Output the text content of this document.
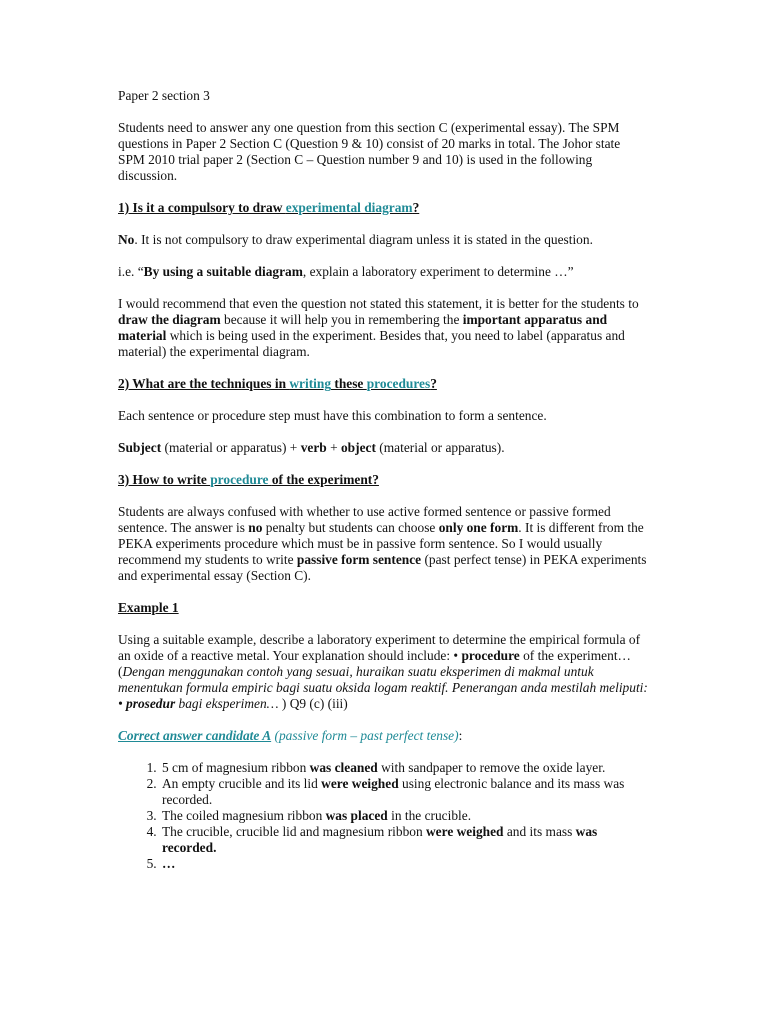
Paper 2 section 3

Students need to answer any one question from this section C (experimental essay). The SPM questions in Paper 2 Section C (Question 9 & 10) consist of 20 marks in total. The Johor state SPM 2010 trial paper 2 (Section C – Question number 9 and 10) is used in the following discussion.

1) Is it a compulsory to draw experimental diagram?

No. It is not compulsory to draw experimental diagram unless it is stated in the question.

i.e. “By using a suitable diagram, explain a laboratory experiment to determine …”

I would recommend that even the question not stated this statement, it is better for the students to draw the diagram because it will help you in remembering the important apparatus and material which is being used in the experiment. Besides that, you need to label (apparatus and material) the experimental diagram.

2) What are the techniques in writing these procedures?

Each sentence or procedure step must have this combination to form a sentence.

Subject (material or apparatus) + verb + object (material or apparatus).

3) How to write procedure of the experiment?

Students are always confused with whether to use active formed sentence or passive formed sentence. The answer is no penalty but students can choose only one form. It is different from the PEKA experiments procedure which must be in passive form sentence. So I would usually recommend my students to write passive form sentence (past perfect tense) in PEKA experiments and experimental essay (Section C).

Example 1

Using a suitable example, describe a laboratory experiment to determine the empirical formula of an oxide of a reactive metal. Your explanation should include: • procedure of the experiment… (Dengan menggunakan contoh yang sesuai, huraikan suatu eksperimen di makmal untuk menentukan formula empiric bagi suatu oksida logam reaktif. Penerangan anda mestilah meliputi: • prosedur bagi eksperimen… ) Q9 (c) (iii)

Correct answer candidate A (passive form – past perfect tense):

1. 5 cm of magnesium ribbon was cleaned with sandpaper to remove the oxide layer.
2. An empty crucible and its lid were weighed using electronic balance and its mass was recorded.
3. The coiled magnesium ribbon was placed in the crucible.
4. The crucible, crucible lid and magnesium ribbon were weighed and its mass was recorded.
5. …
